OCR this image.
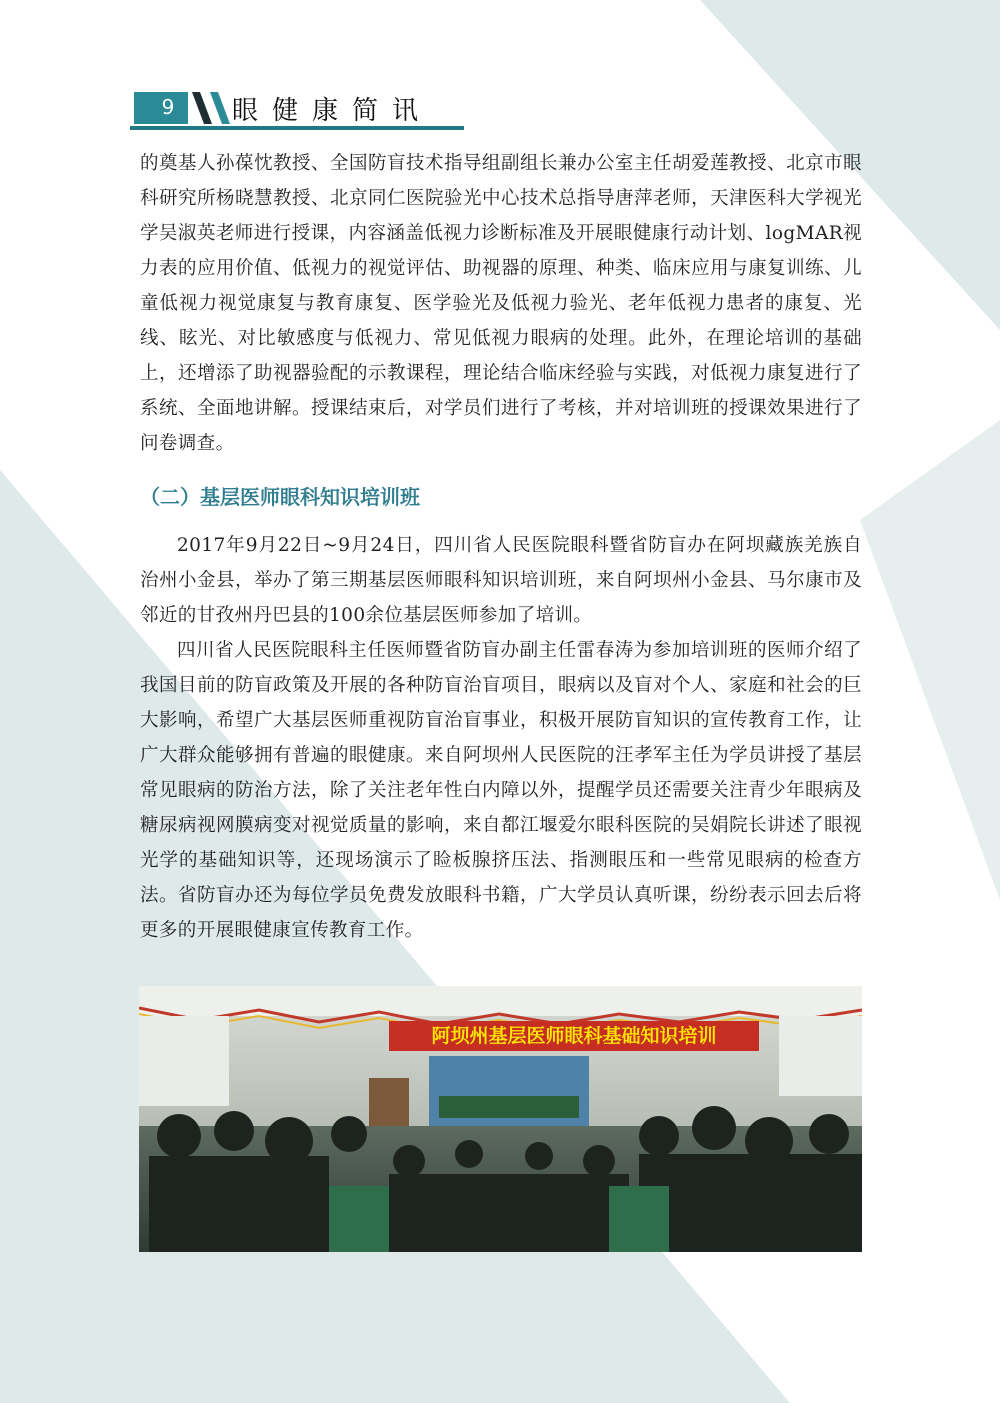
9	眼健康简讯

的奠基人孙葆忱教授、全国防盲技术指导组副组长兼办公室主任胡爱莲教授、北京市眼科研究所杨晓慧教授、北京同仁医院验光中心技术总指导唐萍老师，天津医科大学视光学吴淑英老师进行授课，内容涵盖低视力诊断标准及开展眼健康行动计划、logMAR视力表的应用价值、低视力的视觉评估、助视器的原理、种类、临床应用与康复训练、儿童低视力视觉康复与教育康复、医学验光及低视力验光、老年低视力患者的康复、光线、眩光、对比敏感度与低视力、常见低视力眼病的处理。此外，在理论培训的基础上，还增添了助视器验配的示教课程，理论结合临床经验与实践，对低视力康复进行了系统、全面地讲解。授课结束后，对学员们进行了考核，并对培训班的授课效果进行了问卷调查。

（二）基层医师眼科知识培训班

2017年9月22日~9月24日，四川省人民医院眼科暨省防盲办在阿坝藏族羌族自治州小金县，举办了第三期基层医师眼科知识培训班，来自阿坝州小金县、马尔康市及邻近的甘孜州丹巴县的100余位基层医师参加了培训。

四川省人民医院眼科主任医师暨省防盲办副主任雷春涛为参加培训班的医师介绍了我国目前的防盲政策及开展的各种防盲治盲项目，眼病以及盲对个人、家庭和社会的巨大影响，希望广大基层医师重视防盲治盲事业，积极开展防盲知识的宣传教育工作，让广大群众能够拥有普遍的眼健康。来自阿坝州人民医院的汪孝军主任为学员讲授了基层常见眼病的防治方法，除了关注老年性白内障以外，提醒学员还需要关注青少年眼病及糖尿病视网膜病变对视觉质量的影响，来自都江堰爱尔眼科医院的吴娟院长讲述了眼视光学的基础知识等，还现场演示了睑板腺挤压法、指测眼压和一些常见眼病的检查方法。省防盲办还为每位学员免费发放眼科书籍，广大学员认真听课，纷纷表示回去后将更多的开展眼健康宣传教育工作。

阿坝州基层医师眼科基础知识培训
